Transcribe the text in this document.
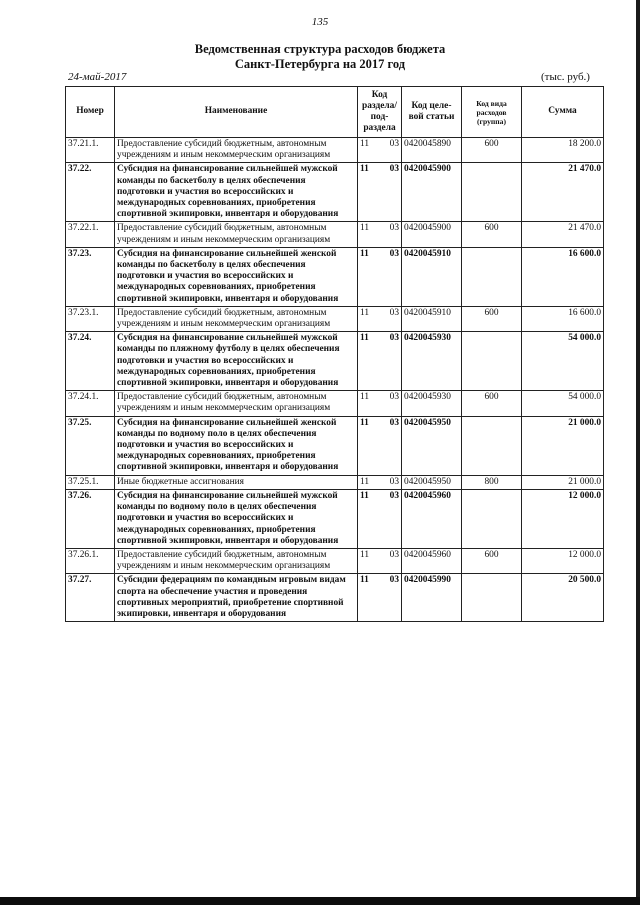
135
Ведомственная структура расходов бюджета
Санкт-Петербурга на 2017 год
24-май-2017	(тыс. руб.)
Номер	Наименование	Код раздела/ под- раздела	Код целе- вой статьи	Код вида расходов (группа)	Сумма
37.21.1.	Предоставление субсидий бюджетным, автономным учреждениям и иным некоммерческим организациям	11 03	0420045890	600	18 200.0
37.22.	Субсидия на финансирование сильнейшей мужской команды по баскетболу в целях обеспечения подготовки и участия во всероссийских и международных соревнованиях, приобретения спортивной экипировки, инвентаря и оборудования	11 03	0420045900		21 470.0
37.22.1.	Предоставление субсидий бюджетным, автономным учреждениям и иным некоммерческим организациям	11 03	0420045900	600	21 470.0
37.23.	Субсидия на финансирование сильнейшей женской команды по баскетболу в целях обеспечения подготовки и участия во всероссийских и международных соревнованиях, приобретения спортивной экипировки, инвентаря и оборудования	11 03	0420045910		16 600.0
37.23.1.	Предоставление субсидий бюджетным, автономным учреждениям и иным некоммерческим организациям	11 03	0420045910	600	16 600.0
37.24.	Субсидия на финансирование сильнейшей мужской команды по пляжному футболу в целях обеспечения подготовки и участия во всероссийских и международных соревнованиях, приобретения спортивной экипировки, инвентаря и оборудования	11 03	0420045930		54 000.0
37.24.1.	Предоставление субсидий бюджетным, автономным учреждениям и иным некоммерческим организациям	11 03	0420045930	600	54 000.0
37.25.	Субсидия на финансирование сильнейшей женской команды по водному поло в целях обеспечения подготовки и участия во всероссийских и международных соревнованиях, приобретения спортивной экипировки, инвентаря и оборудования	11 03	0420045950		21 000.0
37.25.1.	Иные бюджетные ассигнования	11 03	0420045950	800	21 000.0
37.26.	Субсидия на финансирование сильнейшей мужской команды по водному поло в целях обеспечения подготовки и участия во всероссийских и международных соревнованиях, приобретения спортивной экипировки, инвентаря и оборудования	11 03	0420045960		12 000.0
37.26.1.	Предоставление субсидий бюджетным, автономным учреждениям и иным некоммерческим организациям	11 03	0420045960	600	12 000.0
37.27.	Субсидии федерациям по командным игровым видам спорта на обеспечение участия и проведения спортивных мероприятий, приобретение спортивной экипировки, инвентаря и оборудования	11 03	0420045990		20 500.0
